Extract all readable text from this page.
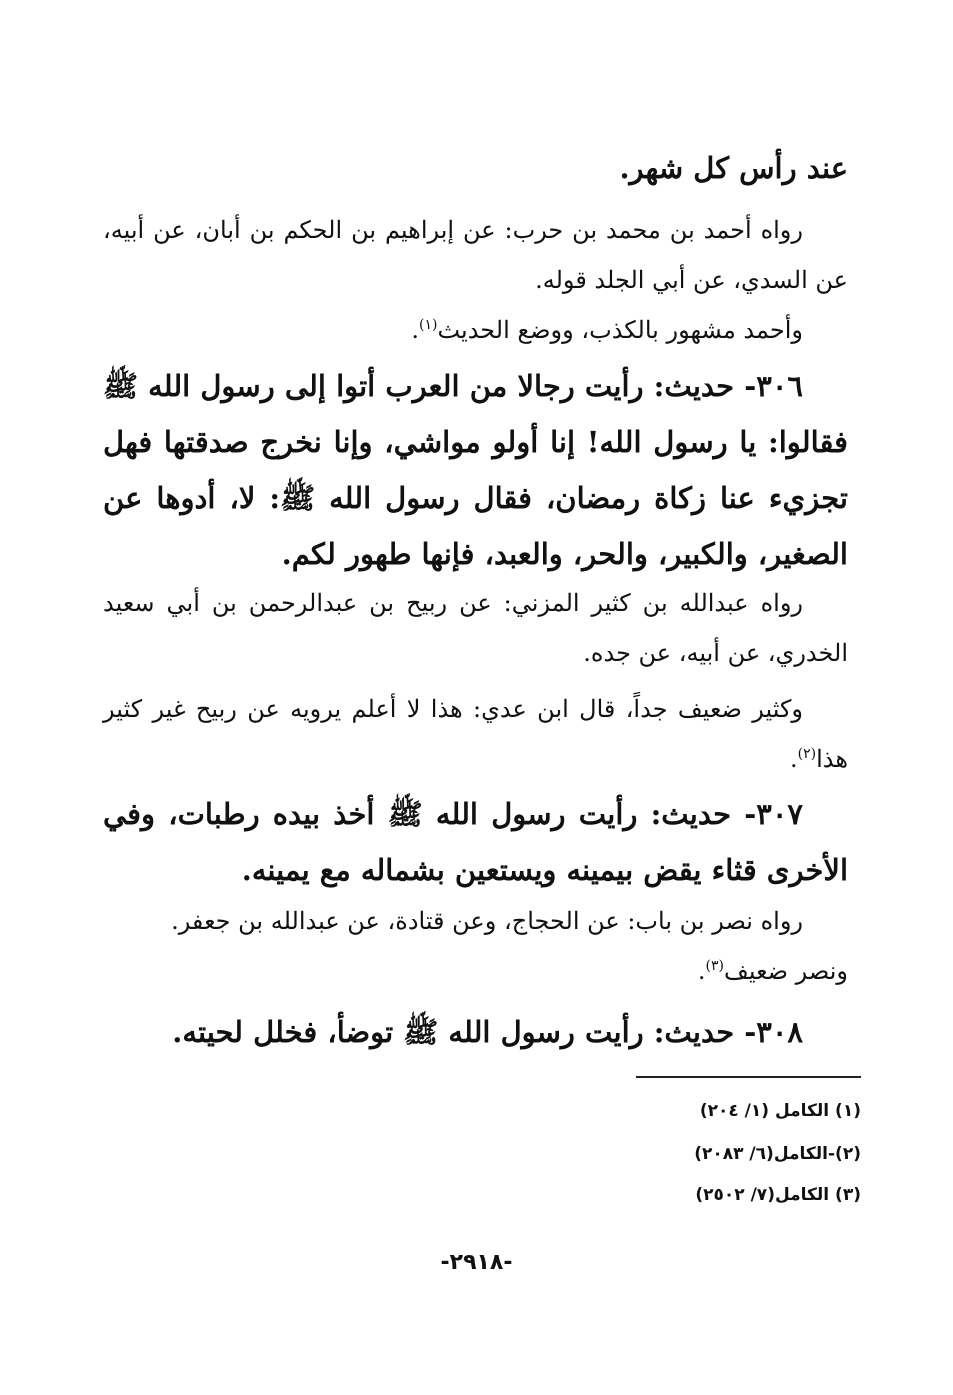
عند رأس كل شهر.
رواه أحمد بن محمد بن حرب: عن إبراهيم بن الحكم بن أبان، عن أبيه، عن السدي، عن أبي الجلد قوله.
وأحمد مشهور بالكذب، ووضع الحديث$^{(١)}$.
٣٠٦- حديث: رأيت رجالا من العرب أتوا إلى رسول الله ﷺ فقالوا: يا رسول الله! إنا أولو مواشي، وإنا نخرج صدقتها فهل تجزيء عنا زكاة رمضان، فقال رسول الله ﷺ: لا، أدوها عن الصغير، والكبير، والحر، والعبد، فإنها طهور لكم.
رواه عبدالله بن كثير المزني: عن ربيح بن عبدالرحمن بن أبي سعيد الخدري، عن أبيه، عن جده.
وكثير ضعيف جداً، قال ابن عدي: هذا لا أعلم يرويه عن ربيح غير كثير هذا$^{(٢)}$.
٣٠٧- حديث: رأيت رسول الله ﷺ أخذ بيده رطبات، وفي الأخرى قثاء يقض بيمينه ويستعين بشماله مع يمينه.
رواه نصر بن باب: عن الحجاج، وعن قتادة، عن عبدالله بن جعفر.
ونصر ضعيف$^{(٣)}$.
٣٠٨- حديث: رأيت رسول الله ﷺ توضأ، فخلل لحيته.
(١) الكامل (١/ ٢٠٤)
(٢)-الكامل(٦/ ٢٠٨٣)
(٣) الكامل(٧/ ٢٥٠٢)
-٢٩١٨-
